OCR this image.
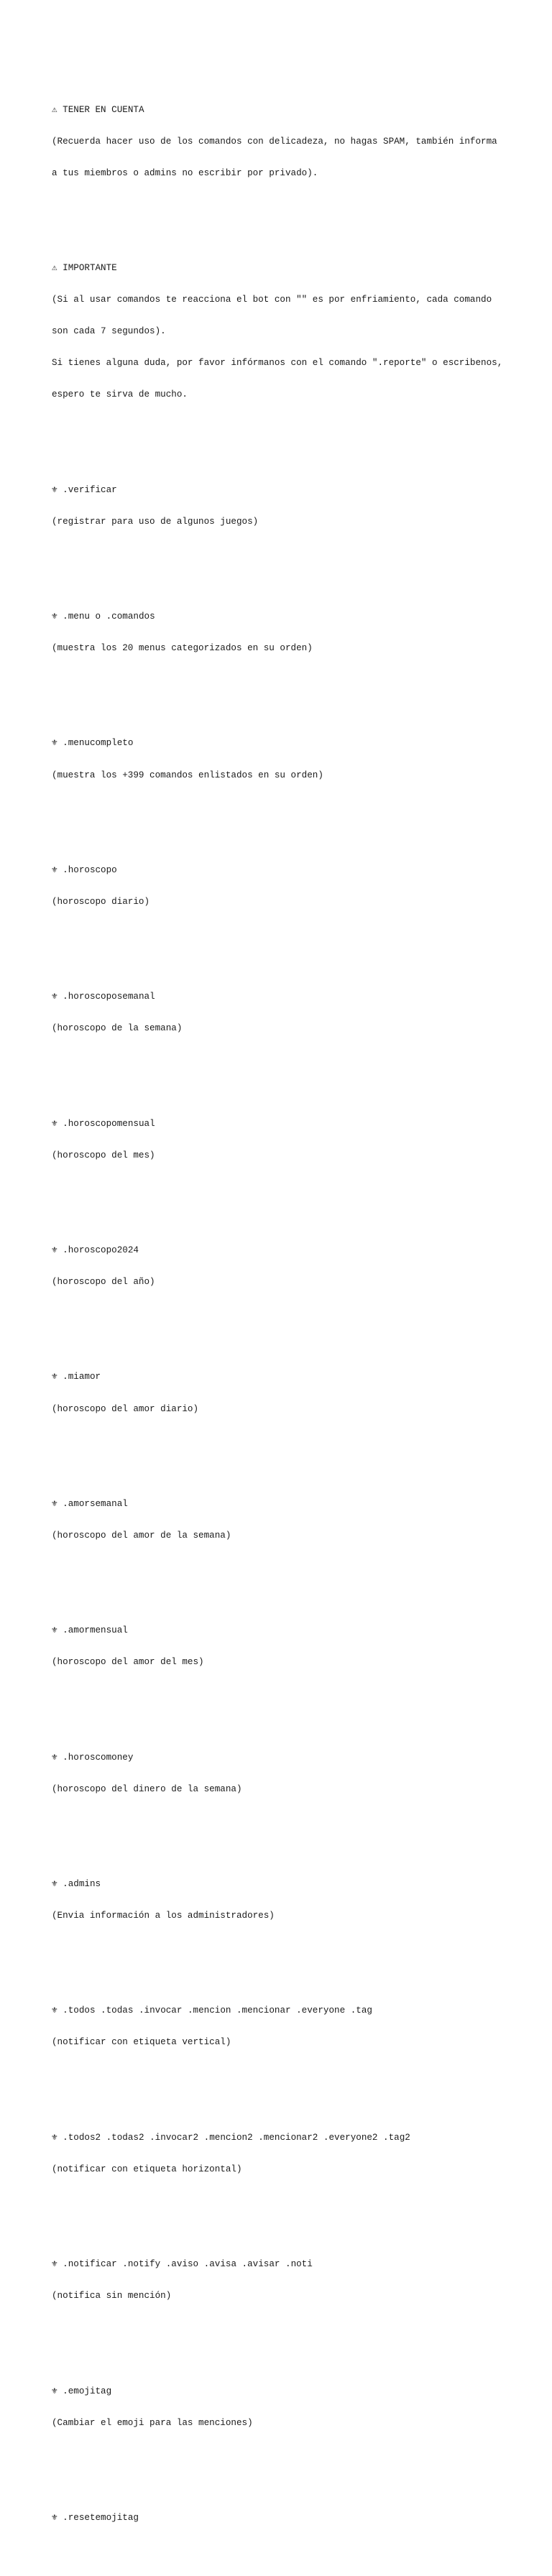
⚠ TENER EN CUENTA

(Recuerda hacer uso de los comandos con delicadeza, no hagas SPAM, también informa

a tus miembros o admins no escribir por privado).

⚠ IMPORTANTE

(Si al usar comandos te reacciona el bot con "" es por enfriamiento, cada comando

son cada 7 segundos).

Si tienes alguna duda, por favor infórmanos con el comando ".reporte" o escribenos,

espero te sirva de mucho.

⚜ .verificar

(registrar para uso de algunos juegos)

⚜ .menu o .comandos

(muestra los 20 menus categorizados en su orden)

⚜ .menucompleto

(muestra los +399 comandos enlistados en su orden)

⚜ .horoscopo

(horoscopo diario)

⚜ .horoscoposemanal

(horoscopo de la semana)

⚜ .horoscopomensual

(horoscopo del mes)

⚜ .horoscopo2024

(horoscopo del año)

⚜ .miamor

(horoscopo del amor diario)

⚜ .amorsemanal

(horoscopo del amor de la semana)

⚜ .amormensual

(horoscopo del amor del mes)

⚜ .horoscomoney

(horoscopo del dinero de la semana)

⚜ .admins

(Envia información a los administradores)

⚜ .todos .todas .invocar .mencion .mencionar .everyone .tag

(notificar con etiqueta vertical)

⚜ .todos2 .todas2 .invocar2 .mencion2 .mencionar2 .everyone2 .tag2

(notificar con etiqueta horizontal)

⚜ .notificar .notify .aviso .avisa .avisar .noti

(notifica sin mención)

⚜ .emojitag

(Cambiar el emoji para las menciones)

⚜ .resetemojitag
